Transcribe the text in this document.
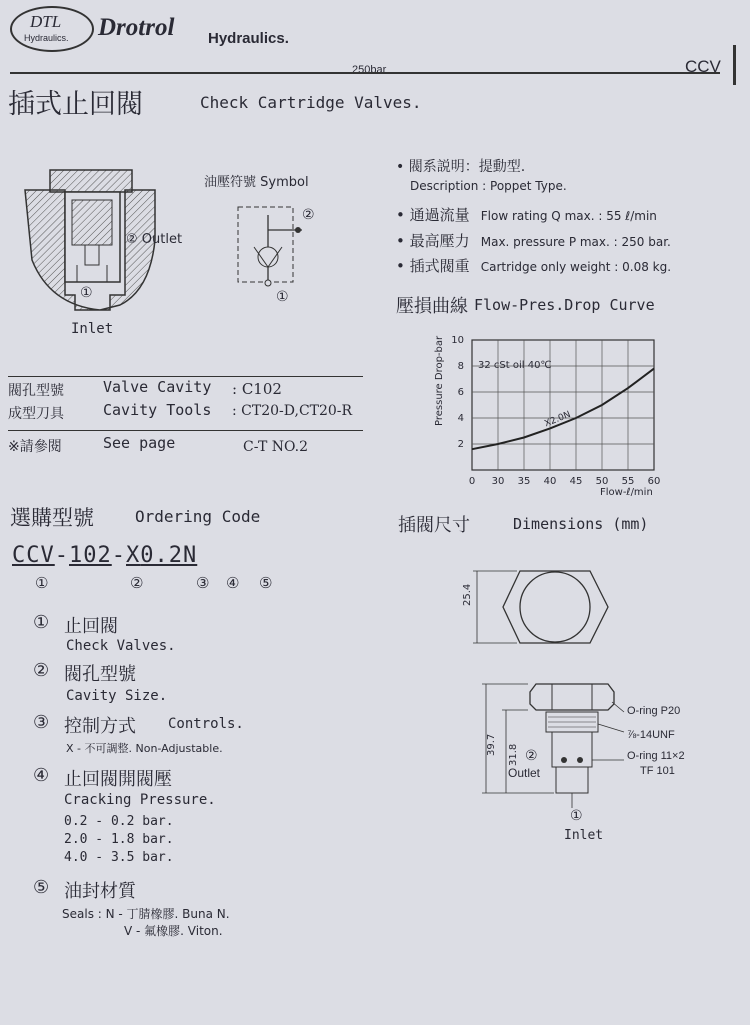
DTL
Hydraulics. Drotrol Hydraulics.
250bar	CCV
插式止回閥	Check Cartridge Valves.
② Outlet
①
Inlet
油壓符號 Symbol
②
①
• 閥系説明：提動型.
Description : Poppet Type.
• 通過流量 Flow rating Q max. : 55 ℓ/min
• 最高壓力 Max. pressure P max. : 250 bar.
• 插式閥重 Cartridge only weight : 0.08 kg.
閥孔型號	Valve Cavity : C102
成型刀具	Cavity Tools : CT20-D,CT20-R
※請參閱	See page	C-T NO.2
壓損曲線 Flow-Pres.Drop Curve
0 30 35 40 45 50 55 60
2
4
6
8
10
Pressure Drop-bar
Flow-ℓ/min
32 cSt oil 40℃
X2.0N
選購型號	Ordering Code
CCV-102-X0.2N
①	②	③ ④ ⑤
① 止回閥
Check Valves.
② 閥孔型號
Cavity Size.
③ 控制方式 Controls.
X - 不可調整. Non-Adjustable.
④ 止回閥開閥壓
Cracking Pressure.
0.2 - 0.2 bar.
2.0 - 1.8 bar.
4.0 - 3.5 bar.
⑤ 油封材質
Seals : N - 丁腈橡膠. Buna N.
V - 氟橡膠. Viton.
插閥尺寸	Dimensions (mm)
25.4
39.7 31.8
O-ring P20
⅞-14UNF
O-ring 11×2
TF 101
②
Outlet
①
Inlet
